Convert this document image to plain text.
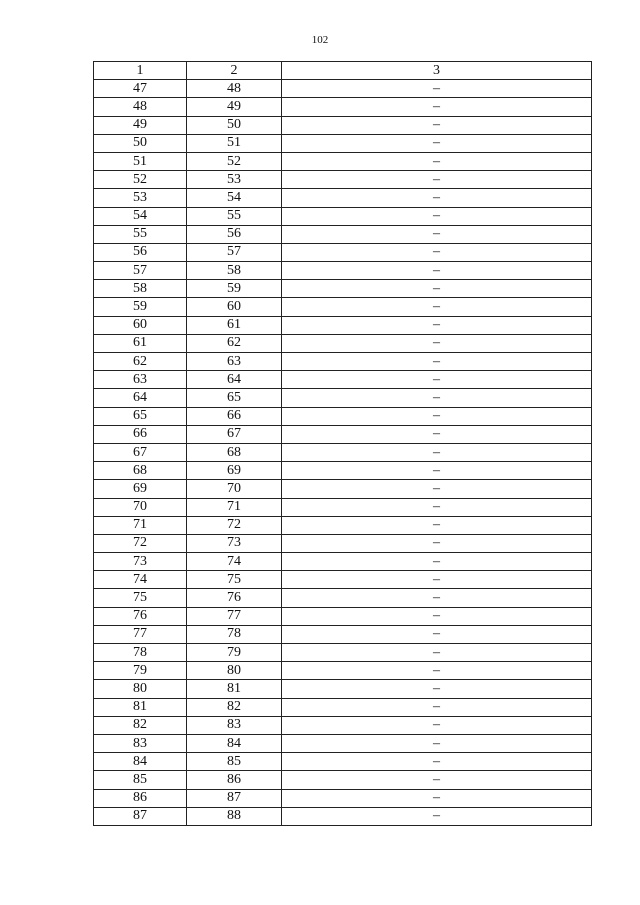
102
1	2	3
47	48	–
48	49	–
49	50	–
50	51	–
51	52	–
52	53	–
53	54	–
54	55	–
55	56	–
56	57	–
57	58	–
58	59	–
59	60	–
60	61	–
61	62	–
62	63	–
63	64	–
64	65	–
65	66	–
66	67	–
67	68	–
68	69	–
69	70	–
70	71	–
71	72	–
72	73	–
73	74	–
74	75	–
75	76	–
76	77	–
77	78	–
78	79	–
79	80	–
80	81	–
81	82	–
82	83	–
83	84	–
84	85	–
85	86	–
86	87	–
87	88	–
